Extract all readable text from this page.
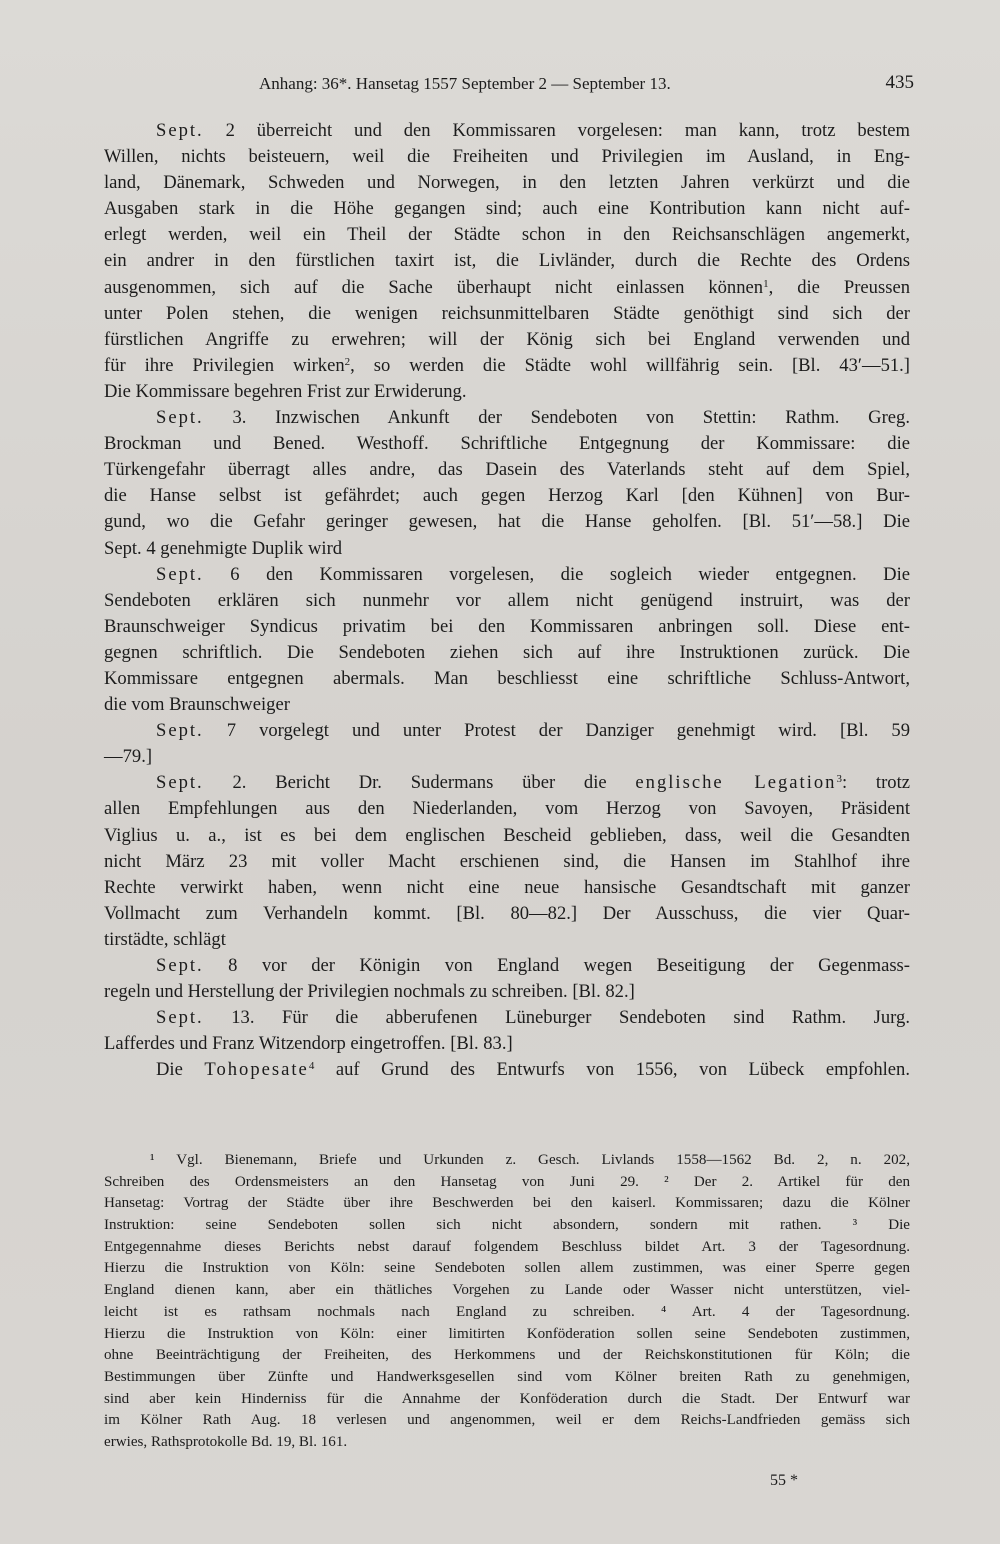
Anhang: 36*. Hansetag 1557 September 2 — September 13.	435
Sept. 2 überreicht und den Kommissaren vorgelesen: man kann, trotz bestem
Willen, nichts beisteuern, weil die Freiheiten und Privilegien im Ausland, in Eng-
land, Dänemark, Schweden und Norwegen, in den letzten Jahren verkürzt und die
Ausgaben stark in die Höhe gegangen sind; auch eine Kontribution kann nicht auf-
erlegt werden, weil ein Theil der Städte schon in den Reichsanschlägen angemerkt,
ein andrer in den fürstlichen taxirt ist, die Livländer, durch die Rechte des Ordens
ausgenommen, sich auf die Sache überhaupt nicht einlassen können$^1$, die Preussen
unter Polen stehen, die wenigen reichsunmittelbaren Städte genöthigt sind sich der
fürstlichen Angriffe zu erwehren; will der König sich bei England verwenden und
für ihre Privilegien wirken$^2$, so werden die Städte wohl willfährig sein. [Bl. 43′—51.]
Die Kommissare begehren Frist zur Erwiderung.
Sept. 3. Inzwischen Ankunft der Sendeboten von Stettin: Rathm. Greg.
Brockman und Bened. Westhoff. Schriftliche Entgegnung der Kommissare: die
Türkengefahr überragt alles andre, das Dasein des Vaterlands steht auf dem Spiel,
die Hanse selbst ist gefährdet; auch gegen Herzog Karl [den Kühnen] von Bur-
gund, wo die Gefahr geringer gewesen, hat die Hanse geholfen. [Bl. 51′—58.] Die
Sept. 4 genehmigte Duplik wird
Sept. 6 den Kommissaren vorgelesen, die sogleich wieder entgegnen. Die
Sendeboten erklären sich nunmehr vor allem nicht genügend instruirt, was der
Braunschweiger Syndicus privatim bei den Kommissaren anbringen soll. Diese ent-
gegnen schriftlich. Die Sendeboten ziehen sich auf ihre Instruktionen zurück. Die
Kommissare entgegnen abermals. Man beschliesst eine schriftliche Schluss-Antwort,
die vom Braunschweiger
Sept. 7 vorgelegt und unter Protest der Danziger genehmigt wird. [Bl. 59
—79.]
Sept. 2. Bericht Dr. Sudermans über die englische Legation$^3$: trotz
allen Empfehlungen aus den Niederlanden, vom Herzog von Savoyen, Präsident
Viglius u. a., ist es bei dem englischen Bescheid geblieben, dass, weil die Gesandten
nicht März 23 mit voller Macht erschienen sind, die Hansen im Stahlhof ihre
Rechte verwirkt haben, wenn nicht eine neue hansische Gesandtschaft mit ganzer
Vollmacht zum Verhandeln kommt. [Bl. 80—82.] Der Ausschuss, die vier Quar-
tirstädte, schlägt
Sept. 8 vor der Königin von England wegen Beseitigung der Gegenmass-
regeln und Herstellung der Privilegien nochmals zu schreiben. [Bl. 82.]
Sept. 13. Für die abberufenen Lüneburger Sendeboten sind Rathm. Jurg.
Lafferdes und Franz Witzendorp eingetroffen. [Bl. 83.]
Die Tohopesate$^4$ auf Grund des Entwurfs von 1556, von Lübeck empfohlen.
¹ Vgl. Bienemann, Briefe und Urkunden z. Gesch. Livlands 1558—1562 Bd. 2, n. 202,
Schreiben des Ordensmeisters an den Hansetag von Juni 29. ² Der 2. Artikel für den
Hansetag: Vortrag der Städte über ihre Beschwerden bei den kaiserl. Kommissaren; dazu die Kölner
Instruktion: seine Sendeboten sollen sich nicht absondern, sondern mit rathen. ³ Die
Entgegennahme dieses Berichts nebst darauf folgendem Beschluss bildet Art. 3 der Tagesordnung.
Hierzu die Instruktion von Köln: seine Sendeboten sollen allem zustimmen, was einer Sperre gegen
England dienen kann, aber ein thätliches Vorgehen zu Lande oder Wasser nicht unterstützen, viel-
leicht ist es rathsam nochmals nach England zu schreiben. ⁴ Art. 4 der Tagesordnung.
Hierzu die Instruktion von Köln: einer limitirten Konföderation sollen seine Sendeboten zustimmen,
ohne Beeinträchtigung der Freiheiten, des Herkommens und der Reichskonstitutionen für Köln; die
Bestimmungen über Zünfte und Handwerksgesellen sind vom Kölner breiten Rath zu genehmigen,
sind aber kein Hinderniss für die Annahme der Konföderation durch die Stadt. Der Entwurf war
im Kölner Rath Aug. 18 verlesen und angenommen, weil er dem Reichs-Landfrieden gemäss sich
erwies, Rathsprotokolle Bd. 19, Bl. 161.
55 *
